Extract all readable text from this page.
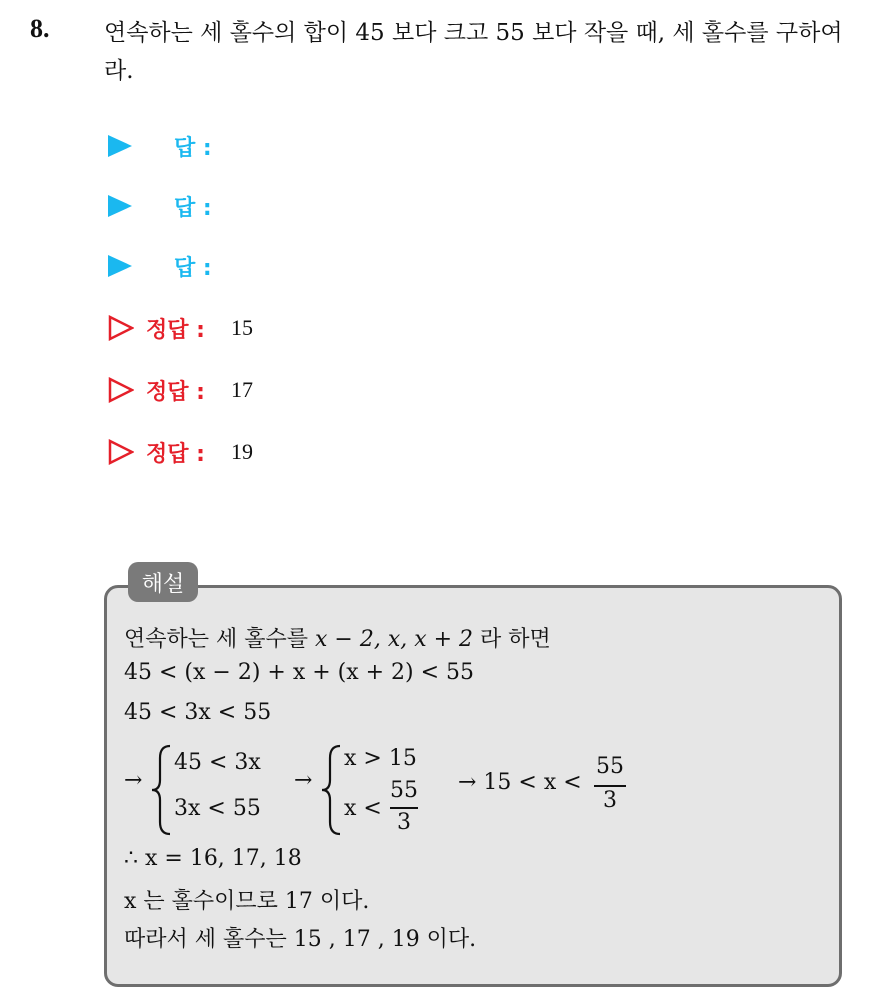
8. 연속하는 세 홀수의 합이 45 보다 크고 55 보다 작을 때, 세 홀수를 구하여라.
답 :
답 :
답 :
정답 : 15
정답 : 17
정답 : 19
해설
연속하는 세 홀수를 x − 2, x, x + 2 라 하면
45 < (x − 2) + x + (x + 2) < 55
45 < 3x < 55
→
45 < 3x
3x < 55
→
x > 15
x <
55
3
→ 15 < x <
55
3
∴ x = 16, 17, 18
x 는 홀수이므로 17 이다.
따라서 세 홀수는 15 , 17 , 19 이다.
